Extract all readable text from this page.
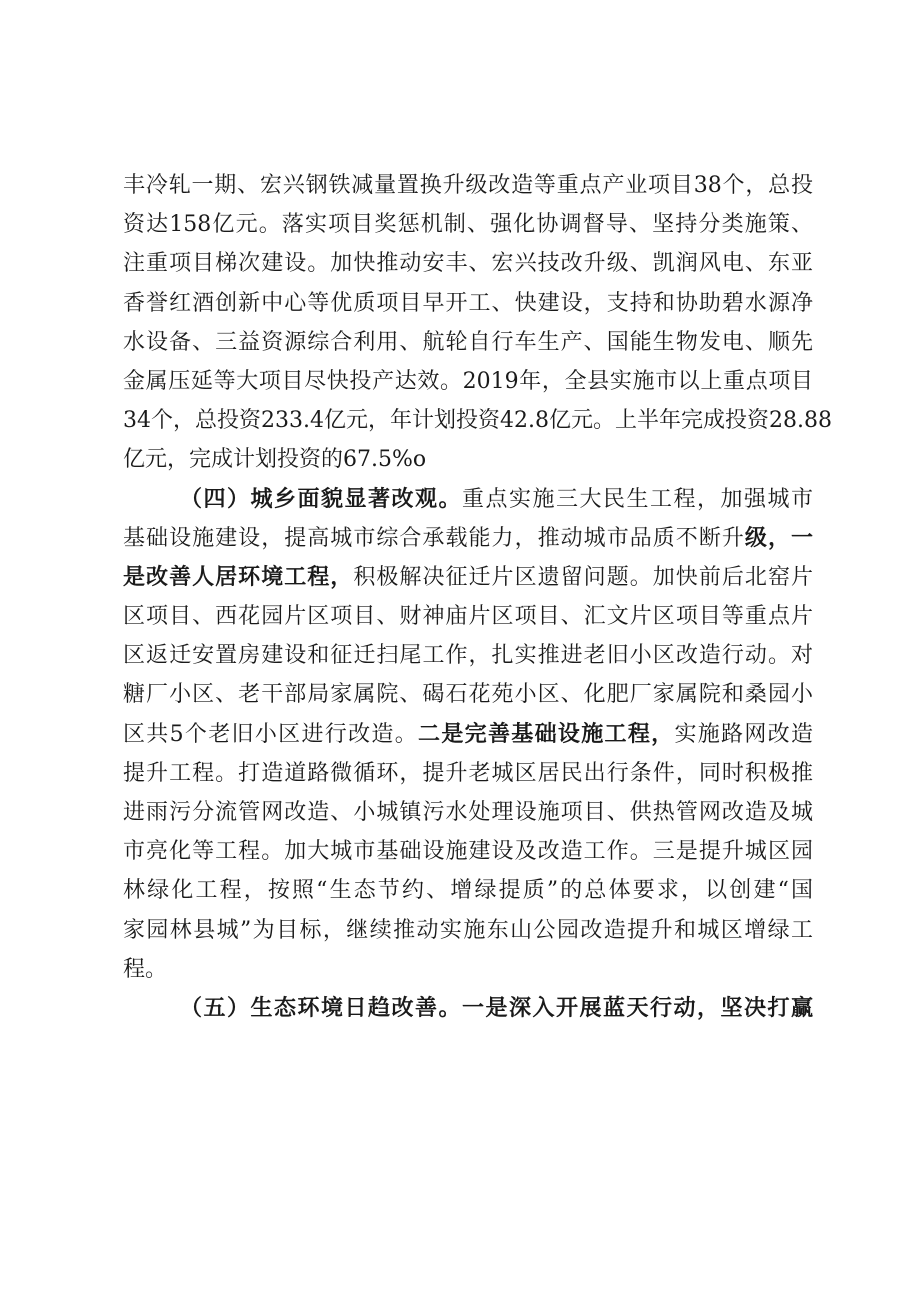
丰冷轧一期、宏兴钢铁减量置换升级改造等重点产业项目38个，总投
资达158亿元。落实项目奖惩机制、强化协调督导、坚持分类施策、
注重项目梯次建设。加快推动安丰、宏兴技改升级、凯润风电、东亚
香誉红酒创新中心等优质项目早开工、快建设，支持和协助碧水源净
水设备、三益资源综合利用、航轮自行车生产、国能生物发电、顺先
金属压延等大项目尽快投产达效。2019年，全县实施市以上重点项目
34个，总投资233.4亿元，年计划投资42.8亿元。上半年完成投资28.88
亿元，完成计划投资的67.5%o
（四）城乡面貌显著改观。重点实施三大民生工程，加强城市
基础设施建设，提高城市综合承载能力，推动城市品质不断升级，一
是改善人居环境工程，积极解决征迁片区遗留问题。加快前后北窑片
区项目、西花园片区项目、财神庙片区项目、汇文片区项目等重点片
区返迁安置房建设和征迁扫尾工作，扎实推进老旧小区改造行动。对
糖厂小区、老干部局家属院、碣石花苑小区、化肥厂家属院和桑园小
区共5个老旧小区进行改造。二是完善基础设施工程，实施路网改造
提升工程。打造道路微循环，提升老城区居民出行条件，同时积极推
进雨污分流管网改造、小城镇污水处理设施项目、供热管网改造及城
市亮化等工程。加大城市基础设施建设及改造工作。三是提升城区园
林绿化工程，按照“生态节约、增绿提质”的总体要求，以创建“国
家园林县城”为目标，继续推动实施东山公园改造提升和城区增绿工
程。
（五）生态环境日趋改善。一是深入开展蓝天行动，坚决打赢
